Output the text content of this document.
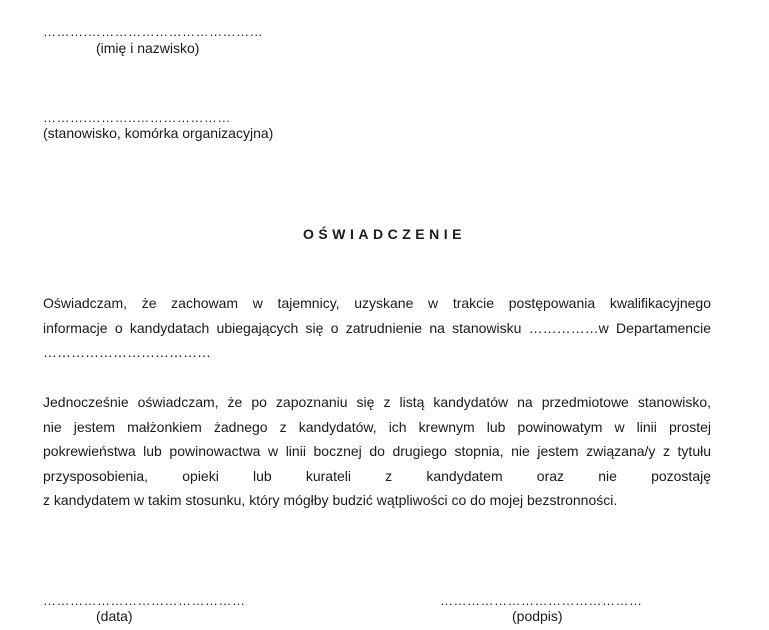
……….…………………………………
(imię i nazwisko)
……….………..…………………
(stanowisko, komórka organizacyjna)
OŚWIADCZENIE
Oświadczam, że zachowam w tajemnicy, uzyskane w trakcie postępowania kwalifikacyjnego
informacje o kandydatach ubiegających się o zatrudnienie na stanowisku ……………w Departamencie
………………………………
Jednocześnie oświadczam, że po zapoznaniu się z listą kandydatów na przedmiotowe stanowisko,
nie jestem małżonkiem żadnego z kandydatów, ich krewnym lub powinowatym w linii prostej
pokrewieństwa lub powinowactwa w linii bocznej do drugiego stopnia, nie jestem związana/y z tytułu
przysposobienia, opieki lub kurateli z kandydatem oraz nie pozostaję
z kandydatem w takim stosunku, który mógłby budzić wątpliwości co do mojej bezstronności.
………………………………………
(data)
………………………………………
(podpis)
